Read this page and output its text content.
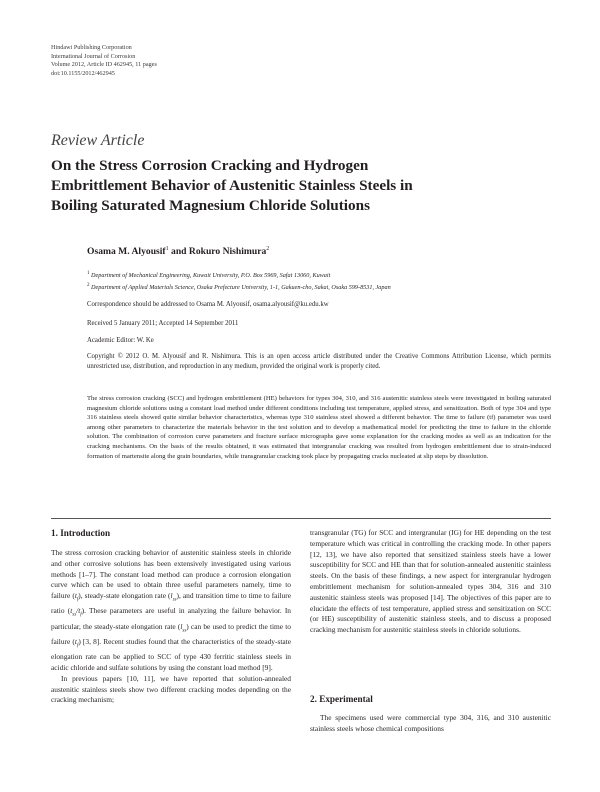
Hindawi Publishing Corporation
International Journal of Corrosion
Volume 2012, Article ID 462945, 11 pages
doi:10.1155/2012/462945
Review Article
On the Stress Corrosion Cracking and Hydrogen
Embrittlement Behavior of Austenitic Stainless Steels in
Boiling Saturated Magnesium Chloride Solutions
Osama M. Alyousif$^1$ and Rokuro Nishimura$^2$
$^1$ Department of Mechanical Engineering, Kuwait University, P.O. Box 5969, Safat 13060, Kuwait
$^2$ Department of Applied Materials Science, Osaka Prefecture University, 1-1, Gakuen-cho, Sakai, Osaka 599-8531, Japan
Correspondence should be addressed to Osama M. Alyousif, osama.alyousif@ku.edu.kw
Received 5 January 2011; Accepted 14 September 2011
Academic Editor: W. Ke
Copyright © 2012 O. M. Alyousif and R. Nishimura. This is an open access article distributed under the Creative Commons Attribution License, which permits unrestricted use, distribution, and reproduction in any medium, provided the original work is properly cited.
The stress corrosion cracking (SCC) and hydrogen embrittlement (HE) behaviors for types 304, 310, and 316 austenitic stainless steels were investigated in boiling saturated magnesium chloride solutions using a constant load method under different conditions including test temperature, applied stress, and sensitization. Both of type 304 and type 316 stainless steels showed quite similar behavior characteristics, whereas type 310 stainless steel showed a different behavior. The time to failure (tf) parameter was used among other parameters to characterize the materials behavior in the test solution and to develop a mathematical model for predicting the time to failure in the chloride solution. The combination of corrosion curve parameters and fracture surface micrographs gave some explanation for the cracking modes as well as an indication for the cracking mechanisms. On the basis of the results obtained, it was estimated that intergranular cracking was resulted from hydrogen embrittlement due to strain-induced formation of martensite along the grain boundaries, while transgranular cracking took place by propagating cracks nucleated at slip steps by dissolution.
1. Introduction

The stress corrosion cracking behavior of austenitic stainless steels in chloride and other corrosive solutions has been extensively investigated using various methods [1–7]. The constant load method can produce a corrosion elongation curve which can be used to obtain three useful parameters namely, time to failure $(t_f)$, steady-state elongation rate $(l_{ss})$, and transition time to time to failure ratio $(t_{ss}/t_f)$. These parameters are useful in analyzing the failure behavior. In particular, the steady-state elongation rate $(l_{ss})$ can be used to predict the time to failure $(t_f)$ [3, 8]. Recent studies found that the characteristics of the steady-state elongation rate can be applied to SCC of type 430 ferritic stainless steels in acidic chloride and sulfate solutions by using the constant load method [9].

In previous papers [10, 11], we have reported that solution-annealed austenitic stainless steels show two different cracking modes depending on the cracking mechanism;

transgranular (TG) for SCC and intergranular (IG) for HE depending on the test temperature which was critical in controlling the cracking mode. In other papers [12, 13], we have also reported that sensitized stainless steels have a lower susceptibility for SCC and HE than that for solution-annealed austenitic stainless steels. On the basis of these findings, a new aspect for intergranular hydrogen embrittlement mechanism for solution-annealed types 304, 316 and 310 austenitic stainless steels was proposed [14]. The objectives of this paper are to elucidate the effects of test temperature, applied stress and sensitization on SCC (or HE) susceptibility of austenitic stainless steels, and to discuss a proposed cracking mechanism for austenitic stainless steels in chloride solutions.

2. Experimental

The specimens used were commercial type 304, 316, and 310 austenitic stainless steels whose chemical compositions
